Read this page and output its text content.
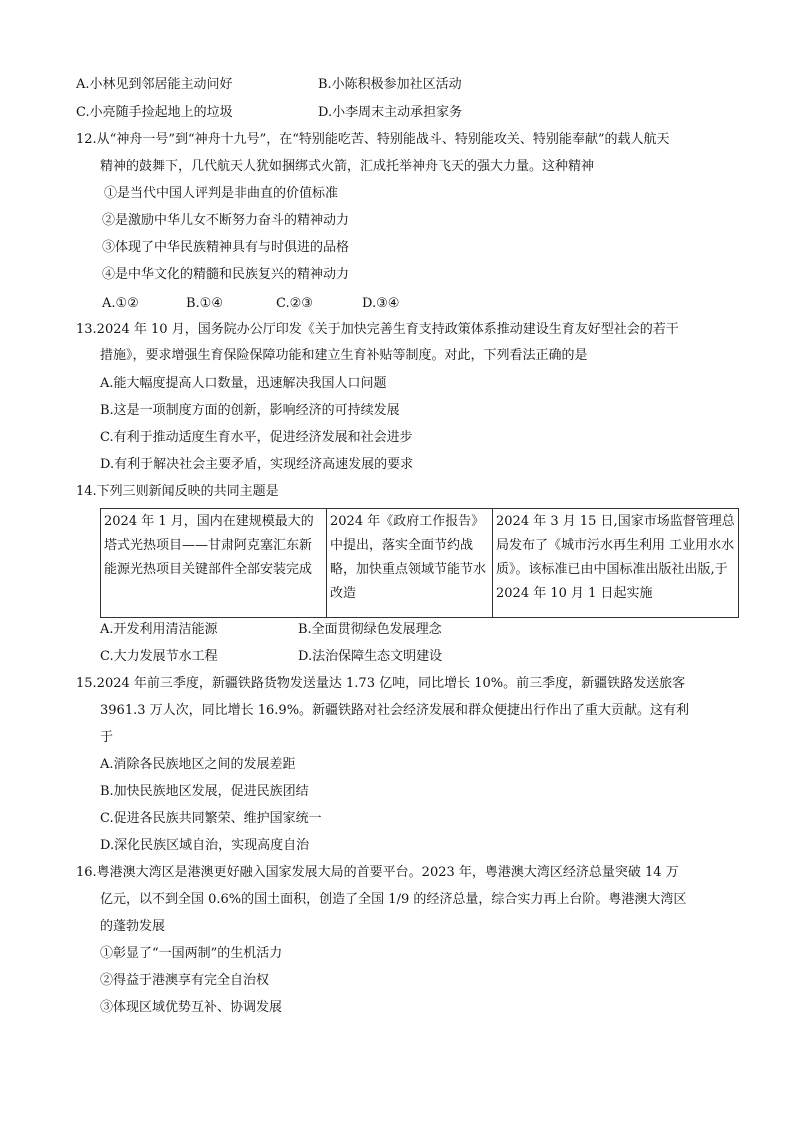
A.小林见到邻居能主动问好	B.小陈积极参加社区活动
C.小亮随手捡起地上的垃圾	D.小李周末主动承担家务
12.从“神舟一号”到“神舟十九号”，在“特别能吃苦、特别能战斗、特别能攻关、特别能奉献”的载人航天
精神的鼓舞下，几代航天人犹如捆绑式火箭，汇成托举神舟飞天的强大力量。这种精神
①是当代中国人评判是非曲直的价值标准
②是激励中华儿女不断努力奋斗的精神动力
③体现了中华民族精神具有与时俱进的品格
④是中华文化的精髓和民族复兴的精神动力
A.①②	B.①④	C.②③	D.③④
13.2024 年 10 月，国务院办公厅印发《关于加快完善生育支持政策体系推动建设生育友好型社会的若干
措施》，要求增强生育保险保障功能和建立生育补贴等制度。对此，下列看法正确的是
A.能大幅度提高人口数量，迅速解决我国人口问题
B.这是一项制度方面的创新，影响经济的可持续发展
C.有利于推动适度生育水平，促进经济发展和社会进步
D.有利于解决社会主要矛盾，实现经济高速发展的要求
14.下列三则新闻反映的共同主题是
2024 年 1 月，国内在建规模最大的塔式光热项目——甘肃阿克塞汇东新能源光热项目关键部件全部安装完成	2024 年《政府工作报告》中提出，落实全面节约战略，加快重点领域节能节水改造	2024 年 3 月 15 日,国家市场监督管理总局发布了《城市污水再生利用 工业用水水质》。该标准已由中国标准出版社出版,于 2024 年 10 月 1 日起实施
A.开发利用清洁能源	B.全面贯彻绿色发展理念
C.大力发展节水工程	D.法治保障生态文明建设
15.2024 年前三季度，新疆铁路货物发送量达 1.73 亿吨，同比增长 10%。前三季度，新疆铁路发送旅客
3961.3 万人次，同比增长 16.9%。新疆铁路对社会经济发展和群众便捷出行作出了重大贡献。这有利
于
A.消除各民族地区之间的发展差距
B.加快民族地区发展，促进民族团结
C.促进各民族共同繁荣、维护国家统一
D.深化民族区域自治，实现高度自治
16.粤港澳大湾区是港澳更好融入国家发展大局的首要平台。2023 年，粤港澳大湾区经济总量突破 14 万
亿元，以不到全国 0.6%的国土面积，创造了全国 1/9 的经济总量，综合实力再上台阶。粤港澳大湾区
的蓬勃发展
①彰显了“一国两制”的生机活力
②得益于港澳享有完全自治权
③体现区域优势互补、协调发展
